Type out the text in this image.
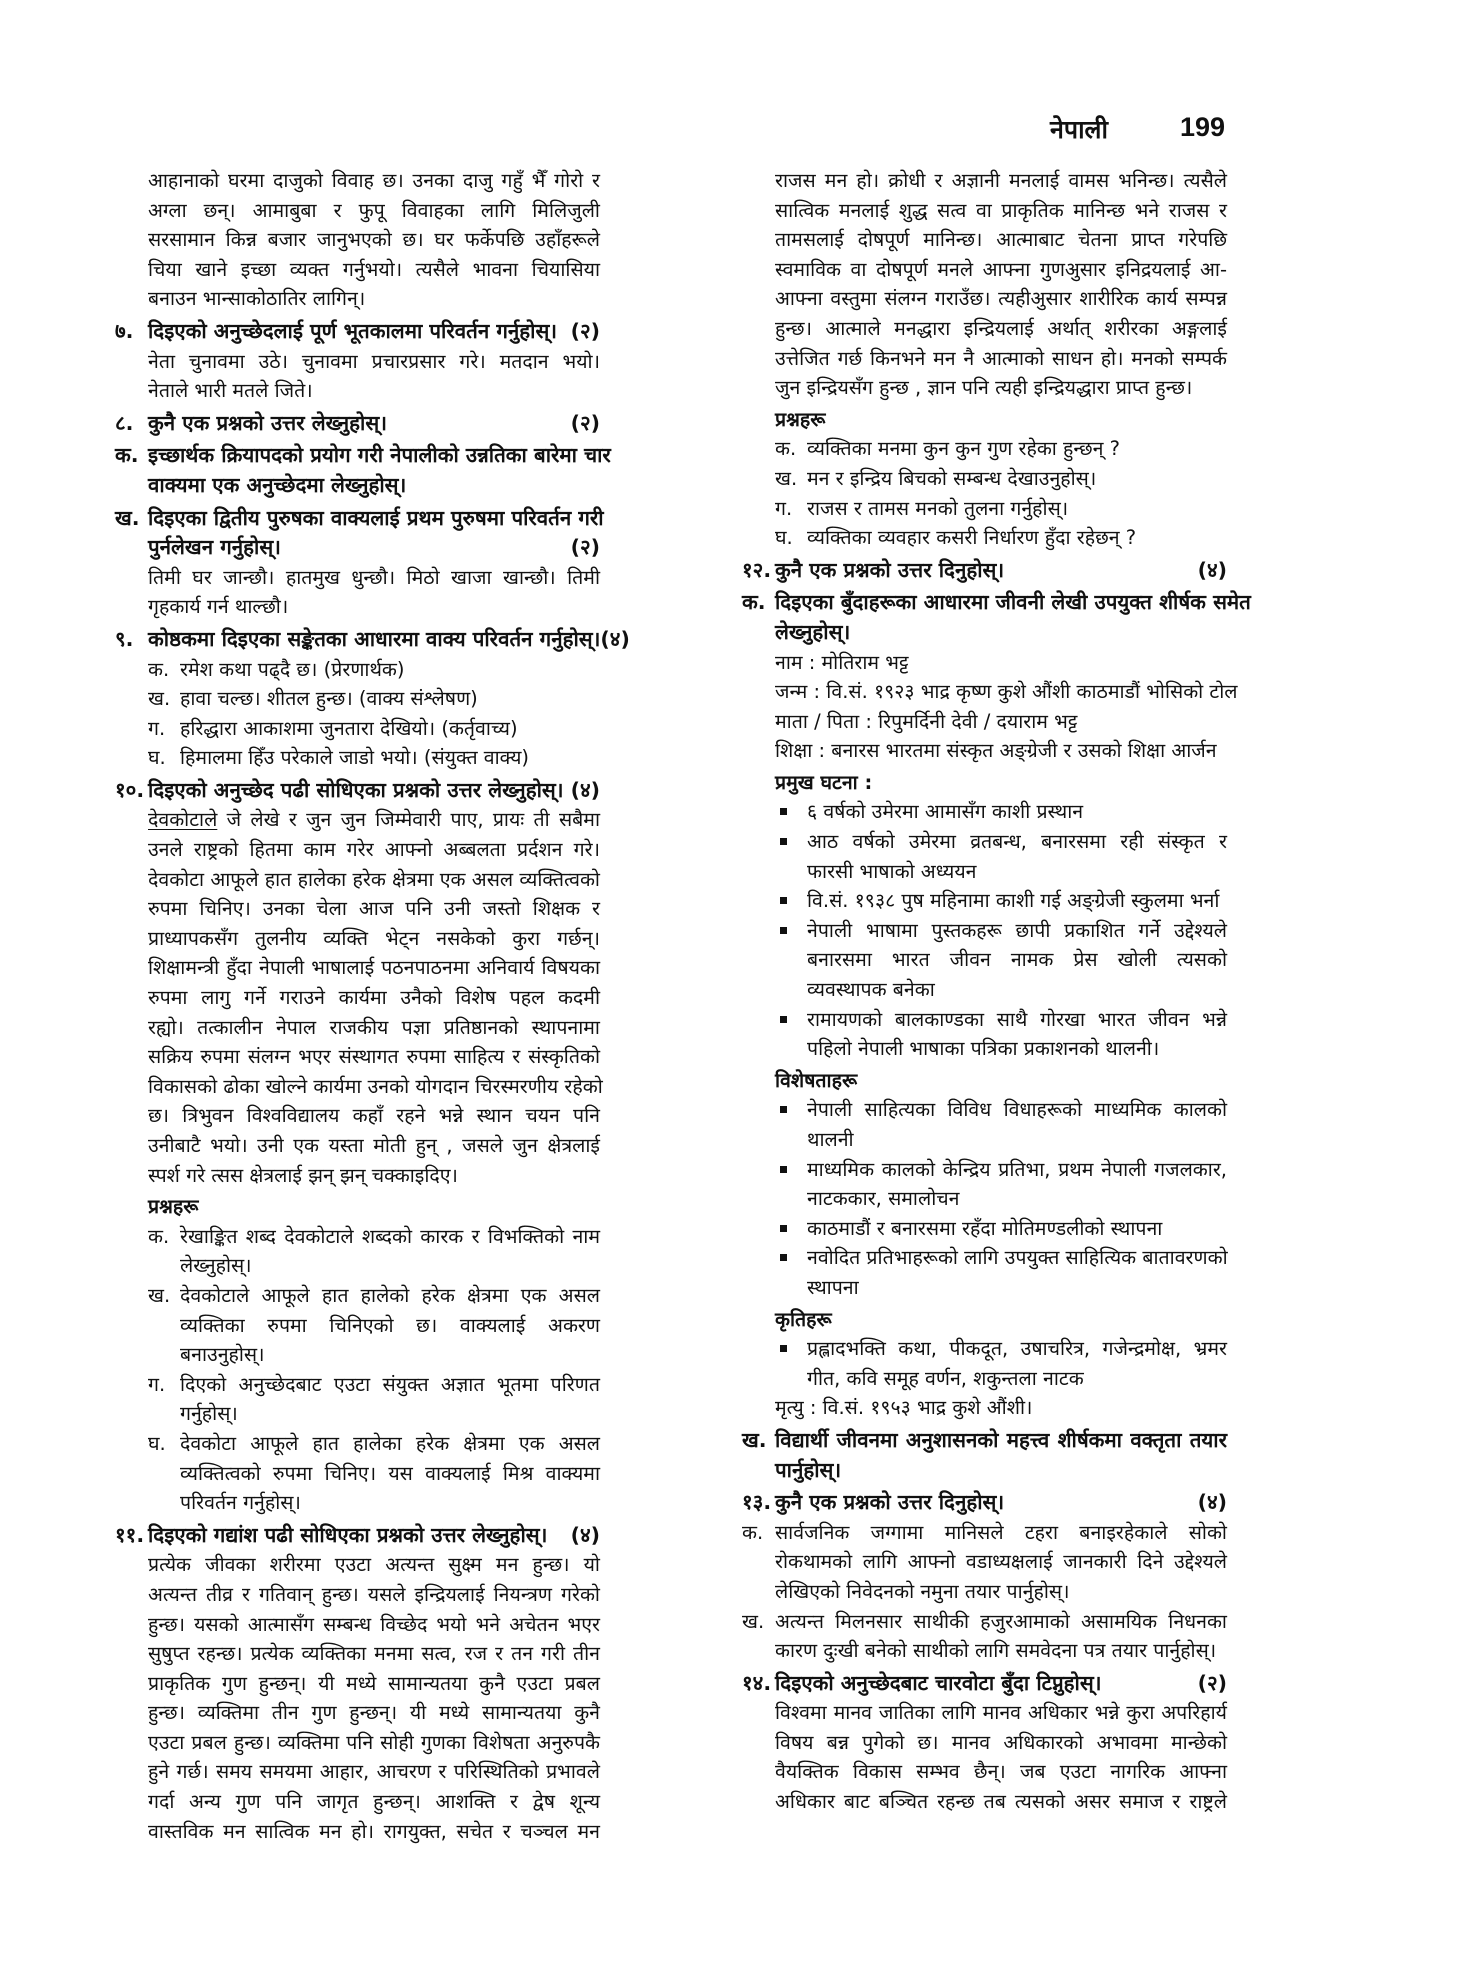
नेपाली	199
आहानाको घरमा दाजुको विवाह छ। उनका दाजु गहुँ भैँ गोरो र
अग्ला छन्। आमाबुबा र फुपू विवाहका लागि मिलिजुली
सरसामान किन्न बजार जानुभएको छ। घर फर्केपछि उहाँहरूले
चिया खाने इच्छा व्यक्त गर्नुभयो। त्यसैले भावना चियासिया
बनाउन भान्साकोठातिर लागिन्।
७. दिइएको अनुच्छेदलाई पूर्ण भूतकालमा परिवर्तन गर्नुहोस्। (२)
नेता चुनावमा उठे। चुनावमा प्रचारप्रसार गरे। मतदान भयो।
नेताले भारी मतले जिते।
८. कुनै एक प्रश्नको उत्तर लेख्नुहोस्।	(२)
क. इच्छार्थक क्रियापदको प्रयोग गरी नेपालीको उन्नतिका बारेमा चार
वाक्यमा एक अनुच्छेदमा लेख्नुहोस्।
ख. दिइएका द्वितीय पुरुषका वाक्यलाई प्रथम पुरुषमा परिवर्तन गरी
पुर्नलेखन गर्नुहोस्।	(२)
तिमी घर जान्छौ। हातमुख धुन्छौ। मिठो खाजा खान्छौ। तिमी
गृहकार्य गर्न थाल्छौ।
९. कोष्ठकमा दिइएका सङ्केतका आधारमा वाक्य परिवर्तन गर्नुहोस्। (४)
क. रमेश कथा पढ्दै छ। (प्रेरणार्थक)
ख. हावा चल्छ। शीतल हुन्छ। (वाक्य संश्लेषण)
ग. हरिद्धारा आकाशमा जुनतारा देखियो। (कर्तृवाच्य)
घ. हिमालमा हिँउ परेकाले जाडो भयो। (संयुक्त वाक्य)
१०. दिइएको अनुच्छेद पढी सोधिएका प्रश्नको उत्तर लेख्नुहोस्। (४)
देवकोटाले जे लेखे र जुन जुन जिम्मेवारी पाए, प्रायः ती सबैमा
उनले राष्ट्रको हितमा काम गरेर आफ्नो अब्बलता प्रर्दशन गरे।
देवकोटा आफूले हात हालेका हरेक क्षेत्रमा एक असल व्यक्तित्वको
रुपमा चिनिए। उनका चेला आज पनि उनी जस्तो शिक्षक र
प्राध्यापकसँग तुलनीय व्यक्ति भेट्न नसकेको कुरा गर्छन्।
शिक्षामन्त्री हुँदा नेपाली भाषालाई पठनपाठनमा अनिवार्य विषयका
रुपमा लागु गर्ने गराउने कार्यमा उनैको विशेष पहल कदमी
रह्यो। तत्कालीन नेपाल राजकीय पज्ञा प्रतिष्ठानको स्थापनामा
सक्रिय रुपमा संलग्न भएर संस्थागत रुपमा साहित्य र संस्कृतिको
विकासको ढोका खोल्ने कार्यमा उनको योगदान चिरस्मरणीय रहेको
छ। त्रिभुवन विश्वविद्यालय कहाँ रहने भन्ने स्थान चयन पनि
उनीबाटै भयो। उनी एक यस्ता मोती हुन् , जसले जुन क्षेत्रलाई
स्पर्श गरे त्सस क्षेत्रलाई झन् झन् चक्काइदिए।
प्रश्नहरू
क. रेखाङ्कित शब्द देवकोटाले शब्दको कारक र विभक्तिको नाम
लेख्नुहोस्।
ख. देवकोटाले आफूले हात हालेको हरेक क्षेत्रमा एक असल
व्यक्तिका रुपमा चिनिएको छ। वाक्यलाई अकरण
बनाउनुहोस्।
ग. दिएको अनुच्छेदबाट एउटा संयुक्त अज्ञात भूतमा परिणत
गर्नुहोस्।
घ. देवकोटा आफूले हात हालेका हरेक क्षेत्रमा एक असल
व्यक्तित्वको रुपमा चिनिए। यस वाक्यलाई मिश्र वाक्यमा
परिवर्तन गर्नुहोस्।
११. दिइएको गद्यांश पढी सोधिएका प्रश्नको उत्तर लेख्नुहोस्। (४)
प्रत्येक जीवका शरीरमा एउटा अत्यन्त सुक्ष्म मन हुन्छ। यो
अत्यन्त तीव्र र गतिवान् हुन्छ। यसले इन्द्रियलाई नियन्त्रण गरेको
हुन्छ। यसको आत्मासँग सम्बन्ध विच्छेद भयो भने अचेतन भएर
सुषुप्त रहन्छ। प्रत्येक व्यक्तिका मनमा सत्व, रज र तन गरी तीन
प्राकृतिक गुण हुन्छन्। यी मध्ये सामान्यतया कुनै एउटा प्रबल
हुन्छ। व्यक्तिमा तीन गुण हुन्छन्। यी मध्ये सामान्यतया कुनै
एउटा प्रबल हुन्छ। व्यक्तिमा पनि सोही गुणका विशेषता अनुरुपकै
हुने गर्छ। समय समयमा आहार, आचरण र परिस्थितिको प्रभावले
गर्दा अन्य गुण पनि जागृत हुन्छन्। आशक्ति र द्वेष शून्य
वास्तविक मन सात्विक मन हो। रागयुक्त, सचेत र चञ्चल मन
राजस मन हो। क्रोधी र अज्ञानी मनलाई वामस भनिन्छ। त्यसैले
सात्विक मनलाई शुद्ध सत्व वा प्राकृतिक मानिन्छ भने राजस र
तामसलाई दोषपूर्ण मानिन्छ। आत्माबाट चेतना प्राप्त गरेपछि
स्वमाविक वा दोषपूर्ण मनले आफ्ना गुणअुसार इनिद्रयलाई आ-
आफ्ना वस्तुमा संलग्न गराउँछ। त्यहीअुसार शारीरिक कार्य सम्पन्न
हुन्छ। आत्माले मनद्धारा इन्द्रियलाई अर्थात् शरीरका अङ्गलाई
उत्तेजित गर्छ किनभने मन नै आत्माको साधन हो। मनको सम्पर्क
जुन इन्द्रियसँग हुन्छ , ज्ञान पनि त्यही इन्द्रियद्धारा प्राप्त हुन्छ।
प्रश्नहरू
क. व्यक्तिका मनमा कुन कुन गुण रहेका हुन्छन् ?
ख. मन र इन्द्रिय बिचको सम्बन्ध देखाउनुहोस्।
ग. राजस र तामस मनको तुलना गर्नुहोस्।
घ. व्यक्तिका व्यवहार कसरी निर्धारण हुँदा रहेछन् ?
१२. कुनै एक प्रश्नको उत्तर दिनुहोस्।	(४)
क. दिइएका बुँदाहरूका आधारमा जीवनी लेखी उपयुक्त शीर्षक समेत
लेख्नुहोस्।
नाम : मोतिराम भट्ट
जन्म : वि.सं. १९२३ भाद्र कृष्ण कुशे औंशी काठमाडौं भोसिको टोल
माता / पिता : रिपुमर्दिनी देवी / दयाराम भट्ट
शिक्षा : बनारस भारतमा संस्कृत अङ्ग्रेजी र उसको शिक्षा आर्जन
प्रमुख घटना :
६ वर्षको उमेरमा आमासँग काशी प्रस्थान
आठ वर्षको उमेरमा व्रतबन्ध, बनारसमा रही संस्कृत र
फारसी भाषाको अध्ययन
वि.सं. १९३८ पुष महिनामा काशी गई अङ्ग्रेजी स्कुलमा भर्ना
नेपाली भाषामा पुस्तकहरू छापी प्रकाशित गर्ने उद्देश्यले
बनारसमा भारत जीवन नामक प्रेस खोली त्यसको
व्यवस्थापक बनेका
रामायणको बालकाण्डका साथै गोरखा भारत जीवन भन्ने
पहिलो नेपाली भाषाका पत्रिका प्रकाशनको थालनी।
विशेषताहरू
नेपाली साहित्यका विविध विधाहरूको माध्यमिक कालको
थालनी
माध्यमिक कालको केन्द्रिय प्रतिभा, प्रथम नेपाली गजलकार,
नाटककार, समालोचन
काठमाडौं र बनारसमा रहँदा मोतिमण्डलीको स्थापना
नवोदित प्रतिभाहरूको लागि उपयुक्त साहित्यिक बातावरणको
स्थापना
कृतिहरू
प्रह्लादभक्ति कथा, पीकदूत, उषाचरित्र, गजेन्द्रमोक्ष, भ्रमर
गीत, कवि समूह वर्णन, शकुन्तला नाटक
मृत्यु : वि.सं. १९५३ भाद्र कुशे औंशी।
ख. विद्यार्थी जीवनमा अनुशासनको महत्त्व शीर्षकमा वक्तृता तयार
पार्नुहोस्।
१३. कुनै एक प्रश्नको उत्तर दिनुहोस्।	(४)
क. सार्वजनिक जग्गामा मानिसले टहरा बनाइरहेकाले सोको
रोकथामको लागि आफ्नो वडाध्यक्षलाई जानकारी दिने उद्देश्यले
लेखिएको निवेदनको नमुना तयार पार्नुहोस्।
ख. अत्यन्त मिलनसार साथीकी हजुरआमाको असामयिक निधनका
कारण दुःखी बनेको साथीको लागि समवेदना पत्र तयार पार्नुहोस्।
१४. दिइएको अनुच्छेदबाट चारवोटा बुँदा टिप्नुहोस्।	(२)
विश्वमा मानव जातिका लागि मानव अधिकार भन्ने कुरा अपरिहार्य
विषय बन्न पुगेको छ। मानव अधिकारको अभावमा मान्छेको
वैयक्तिक विकास सम्भव छैन्। जब एउटा नागरिक आफ्ना
अधिकार बाट बञ्चित रहन्छ तब त्यसको असर समाज र राष्ट्रले
